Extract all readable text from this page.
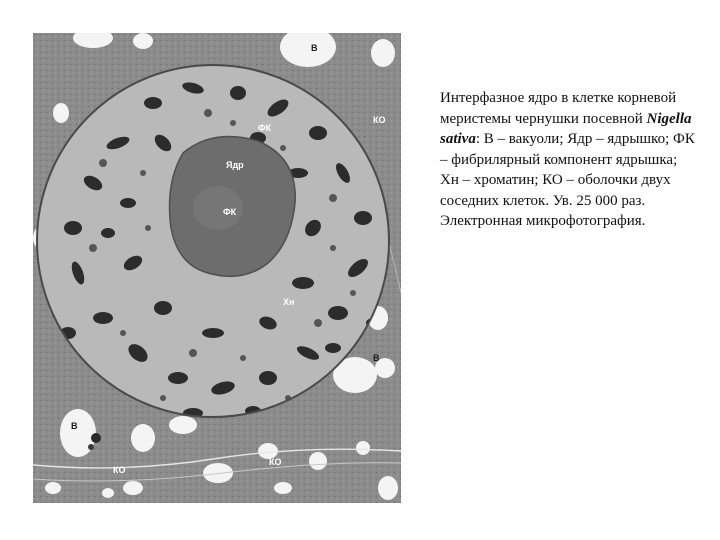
В
В
В
КО
КО
КО
ФК
Ядр
ФК
Хн
Интерфазное ядро в клетке корневой меристемы чернушки посевной Nigella sativa: В – вакуоли; Ядр – ядрышко; ФК – фибрилярный компонент ядрышка; Хн – хроматин; КО – оболочки двух соседних клеток. Ув. 25 000 раз. Электронная микрофотография.
